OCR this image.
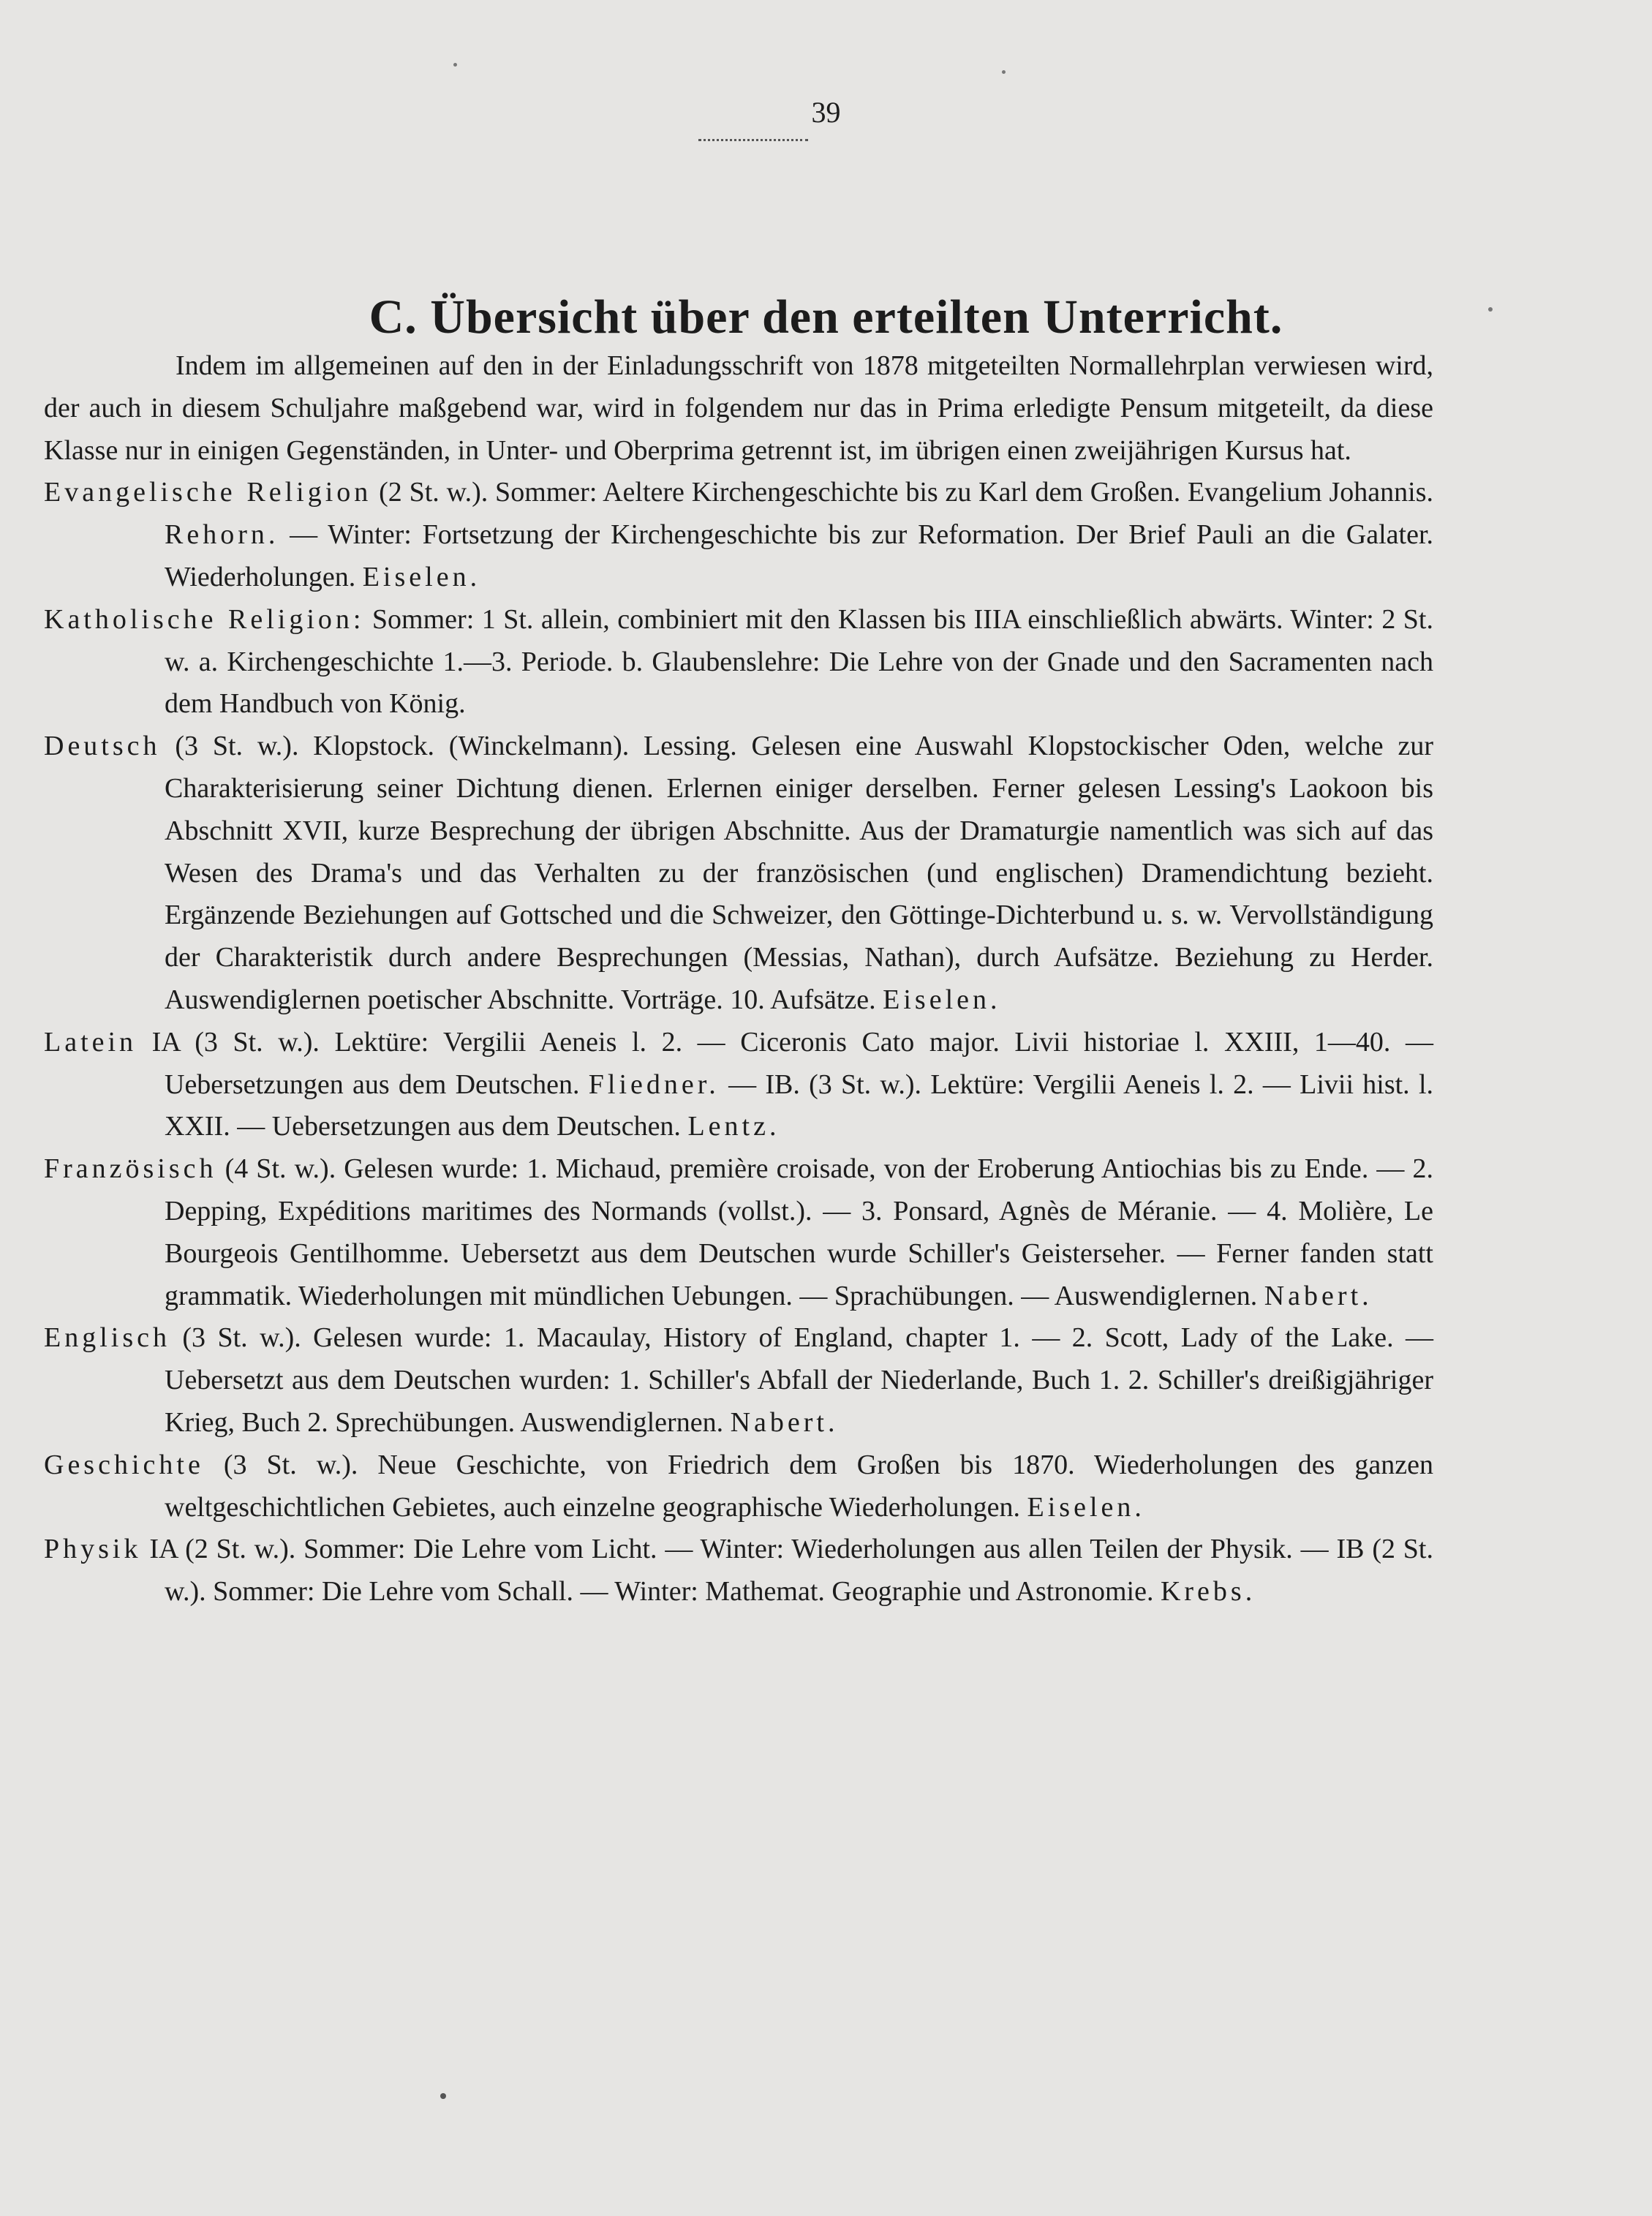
39
C. Übersicht über den erteilten Unterricht.

Indem im allgemeinen auf den in der Einladungsschrift von 1878 mitgeteilten Normallehrplan verwiesen wird, der auch in diesem Schuljahre maßgebend war, wird in folgendem nur das in Prima erledigte Pensum mitgeteilt, da diese Klasse nur in einigen Gegenständen, in Unter- und Oberprima getrennt ist, im übrigen einen zweijährigen Kursus hat.

Evangelische Religion (2 St. w.). Sommer: Aeltere Kirchengeschichte bis zu Karl dem Großen. Evangelium Johannis. Rehorn. — Winter: Fortsetzung der Kirchengeschichte bis zur Reformation. Der Brief Pauli an die Galater. Wiederholungen. Eiselen.

Katholische Religion: Sommer: 1 St. allein, combiniert mit den Klassen bis IIIA einschließlich abwärts. Winter: 2 St. w. a. Kirchengeschichte 1.—3. Periode. b. Glaubenslehre: Die Lehre von der Gnade und den Sacramenten nach dem Handbuch von König.

Deutsch (3 St. w.). Klopstock. (Winckelmann). Lessing. Gelesen eine Auswahl Klopstockischer Oden, welche zur Charakterisierung seiner Dichtung dienen. Erlernen einiger derselben. Ferner gelesen Lessing's Laokoon bis Abschnitt XVII, kurze Besprechung der übrigen Abschnitte. Aus der Dramaturgie namentlich was sich auf das Wesen des Drama's und das Verhalten zu der französischen (und englischen) Dramendichtung bezieht. Ergänzende Beziehungen auf Gottsched und die Schweizer, den Göttinge-Dichterbund u. s. w. Vervollständigung der Charakteristik durch andere Besprechungen (Messias, Nathan), durch Aufsätze. Beziehung zu Herder. Auswendiglernen poetischer Abschnitte. Vorträge. 10. Aufsätze. Eiselen.

Latein IA (3 St. w.). Lektüre: Vergilii Aeneis l. 2. — Ciceronis Cato major. Livii historiae l. XXIII, 1—40. — Uebersetzungen aus dem Deutschen. Fliedner. — IB. (3 St. w.). Lektüre: Vergilii Aeneis l. 2. — Livii hist. l. XXII. — Uebersetzungen aus dem Deutschen. Lentz.

Französisch (4 St. w.). Gelesen wurde: 1. Michaud, première croisade, von der Eroberung Antiochias bis zu Ende. — 2. Depping, Expéditions maritimes des Normands (vollst.). — 3. Ponsard, Agnès de Méranie. — 4. Molière, Le Bourgeois Gentilhomme. Uebersetzt aus dem Deutschen wurde Schiller's Geisterseher. — Ferner fanden statt grammatik. Wiederholungen mit mündlichen Uebungen. — Sprachübungen. — Auswendiglernen. Nabert.

Englisch (3 St. w.). Gelesen wurde: 1. Macaulay, History of England, chapter 1. — 2. Scott, Lady of the Lake. — Uebersetzt aus dem Deutschen wurden: 1. Schiller's Abfall der Niederlande, Buch 1. 2. Schiller's dreißigjähriger Krieg, Buch 2. Sprechübungen. Auswendiglernen. Nabert.

Geschichte (3 St. w.). Neue Geschichte, von Friedrich dem Großen bis 1870. Wiederholungen des ganzen weltgeschichtlichen Gebietes, auch einzelne geographische Wiederholungen. Eiselen.

Physik IA (2 St. w.). Sommer: Die Lehre vom Licht. — Winter: Wiederholungen aus allen Teilen der Physik. — IB (2 St. w.). Sommer: Die Lehre vom Schall. — Winter: Mathemat. Geographie und Astronomie. Krebs.
